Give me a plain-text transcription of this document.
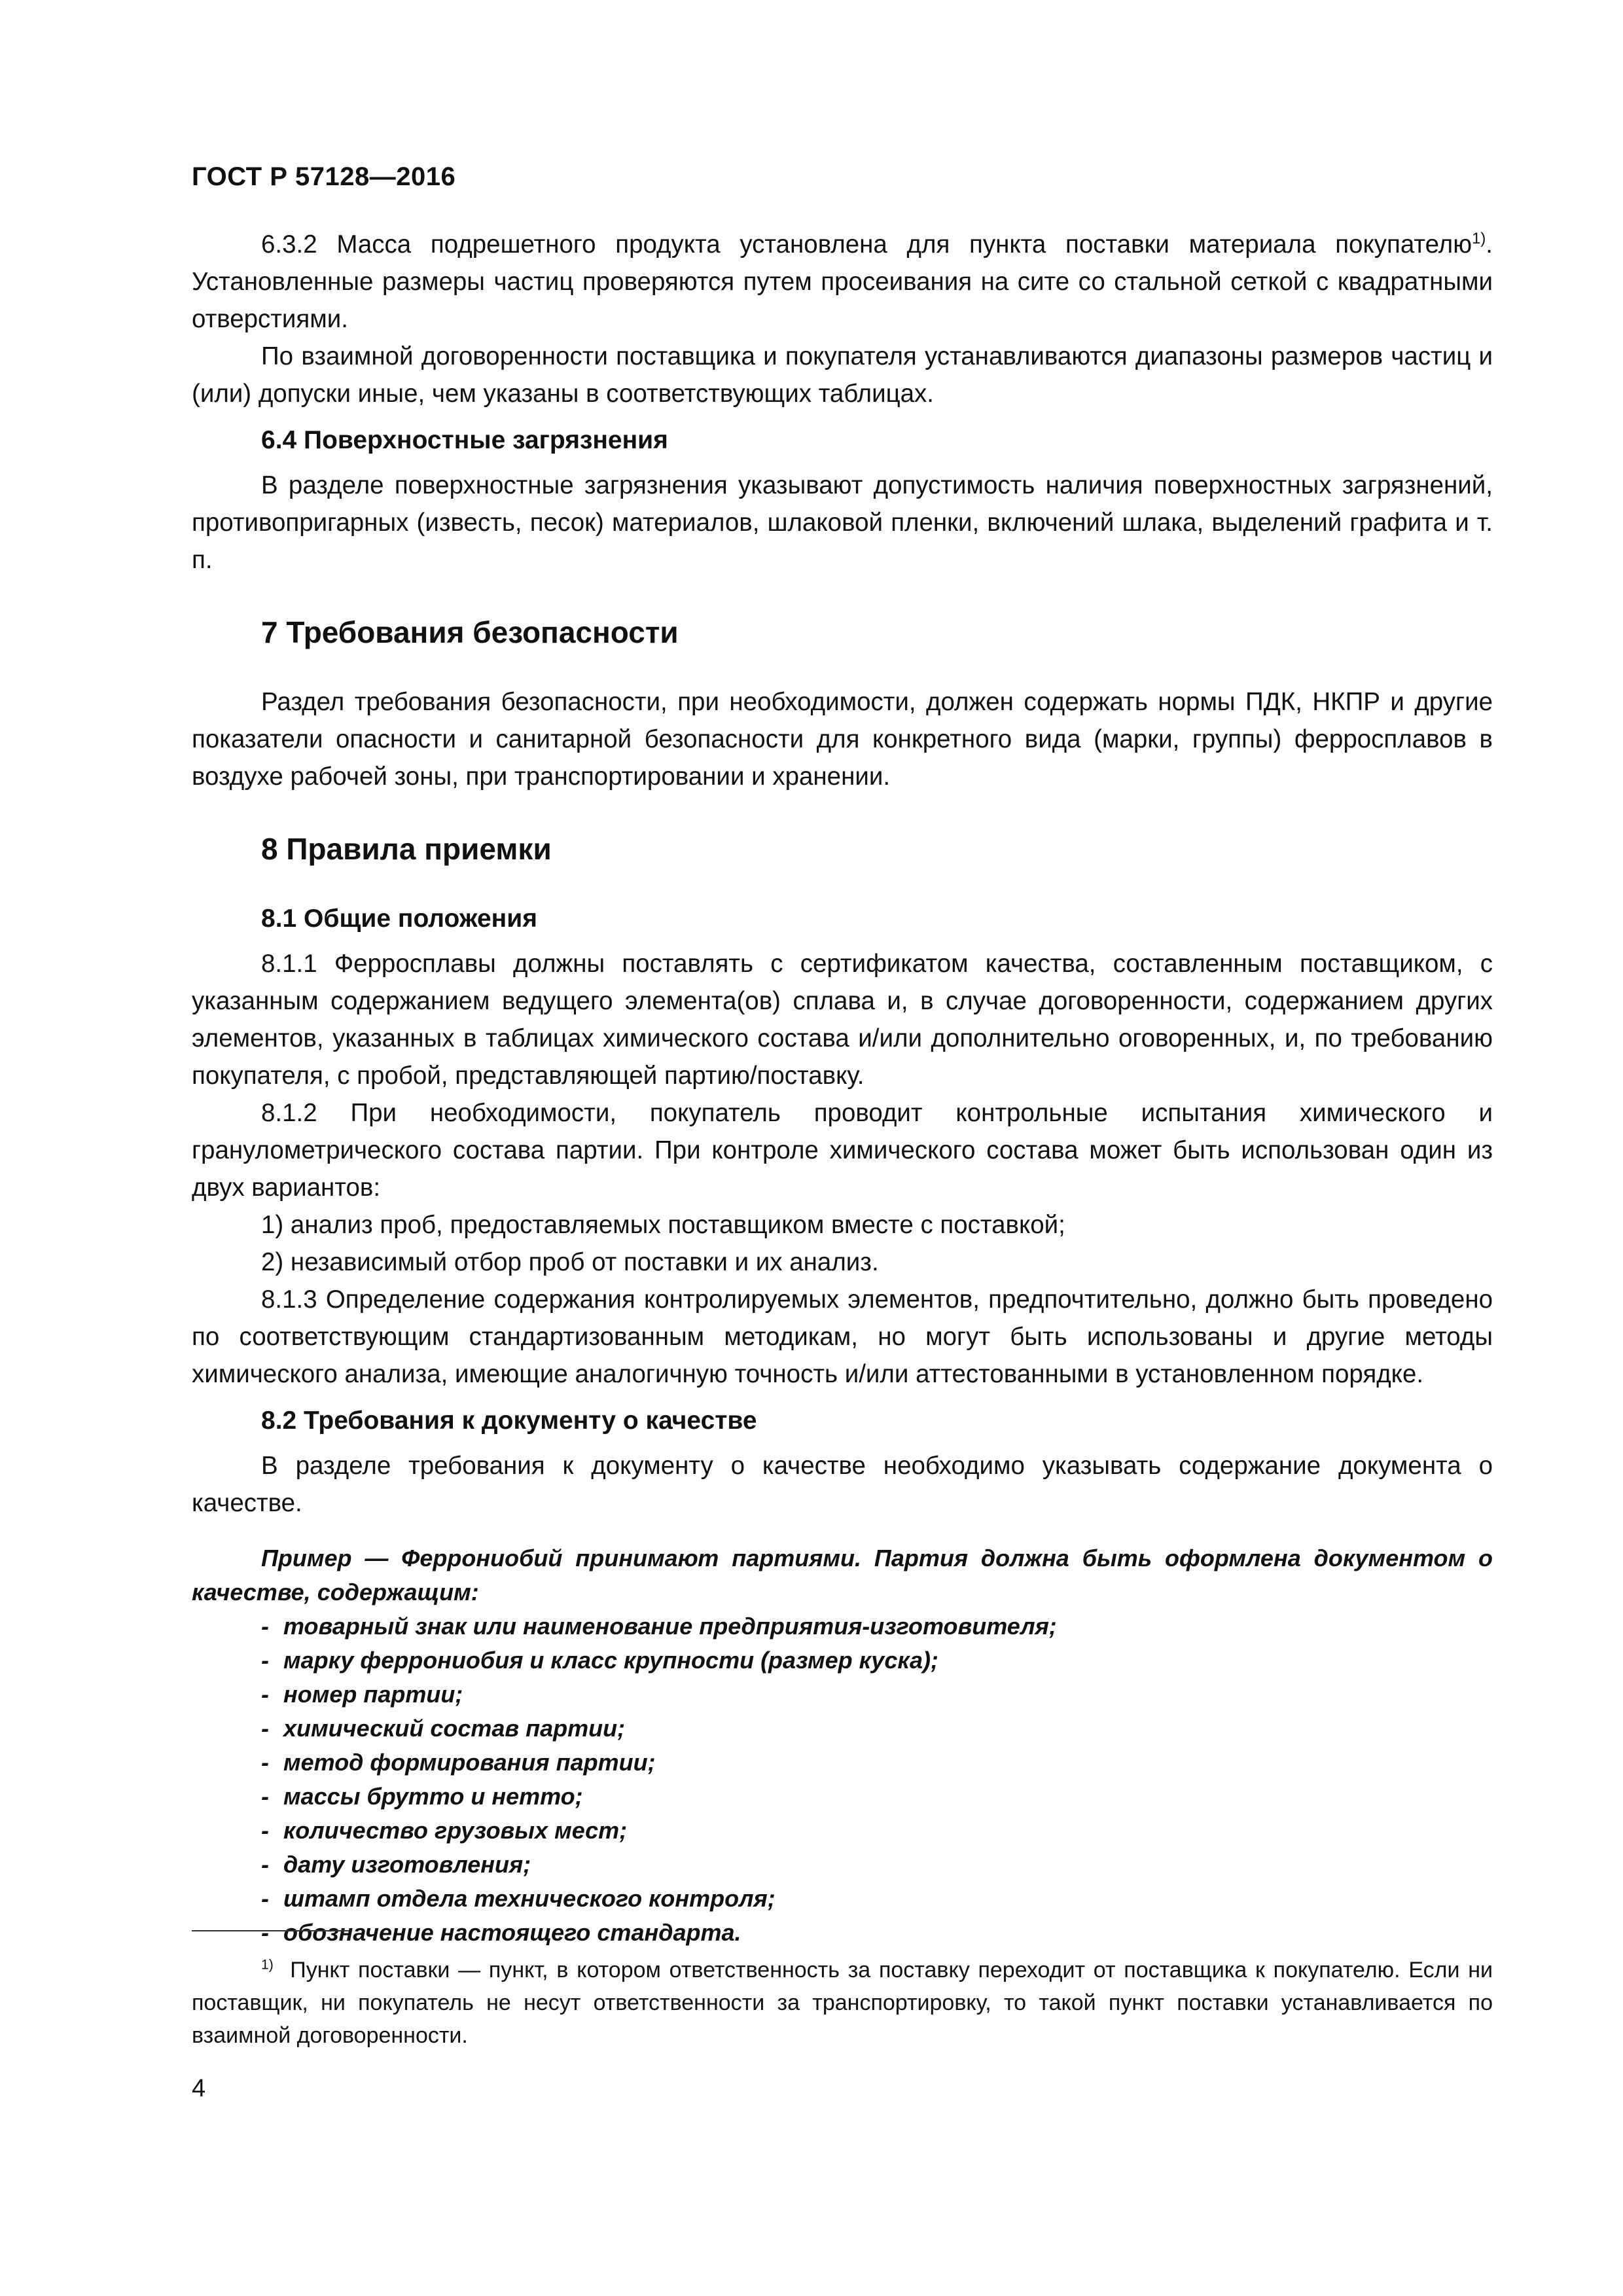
ГОСТ Р 57128—2016

6.3.2 Масса подрешетного продукта установлена для пункта поставки материала покупателю$^{1)}$. Установленные размеры частиц проверяются путем просеивания на сите со стальной сеткой с квадратными отверстиями.

По взаимной договоренности поставщика и покупателя устанавливаются диапазоны размеров частиц и (или) допуски иные, чем указаны в соответствующих таблицах.

6.4 Поверхностные загрязнения

В разделе поверхностные загрязнения указывают допустимость наличия поверхностных загрязнений, противопригарных (известь, песок) материалов, шлаковой пленки, включений шлака, выделений графита и т. п.

7 Требования безопасности

Раздел требования безопасности, при необходимости, должен содержать нормы ПДК, НКПР и другие показатели опасности и санитарной безопасности для конкретного вида (марки, группы) ферросплавов в воздухе рабочей зоны, при транспортировании и хранении.

8 Правила приемки
8.1 Общие положения

8.1.1 Ферросплавы должны поставлять с сертификатом качества, составленным поставщиком, с указанным содержанием ведущего элемента(ов) сплава и, в случае договоренности, содержанием других элементов, указанных в таблицах химического состава и/или дополнительно оговоренных, и, по требованию покупателя, с пробой, представляющей партию/поставку.

8.1.2 При необходимости, покупатель проводит контрольные испытания химического и гранулометрического состава партии. При контроле химического состава может быть использован один из двух вариантов:

1) анализ проб, предоставляемых поставщиком вместе с поставкой;
2) независимый отбор проб от поставки и их анализ.

8.1.3 Определение содержания контролируемых элементов, предпочтительно, должно быть проведено по соответствующим стандартизованным методикам, но могут быть использованы и другие методы химического анализа, имеющие аналогичную точность и/или аттестованными в установленном порядке.

8.2 Требования к документу о качестве

В разделе требования к документу о качестве необходимо указывать содержание документа о качестве.

Пример — Феррониобий принимают партиями. Партия должна быть оформлена документом о качестве, содержащим:

- товарный знак или наименование предприятия-изготовителя;
- марку феррониобия и класс крупности (размер куска);
- номер партии;
- химический состав партии;
- метод формирования партии;
- массы брутто и нетто;
- количество грузовых мест;
- дату изготовления;
- штамп отдела технического контроля;
- обозначение настоящего стандарта.

$^{1)}$ Пункт поставки — пункт, в котором ответственность за поставку переходит от поставщика к покупателю. Если ни поставщик, ни покупатель не несут ответственности за транспортировку, то такой пункт поставки устанавливается по взаимной договоренности.

4
